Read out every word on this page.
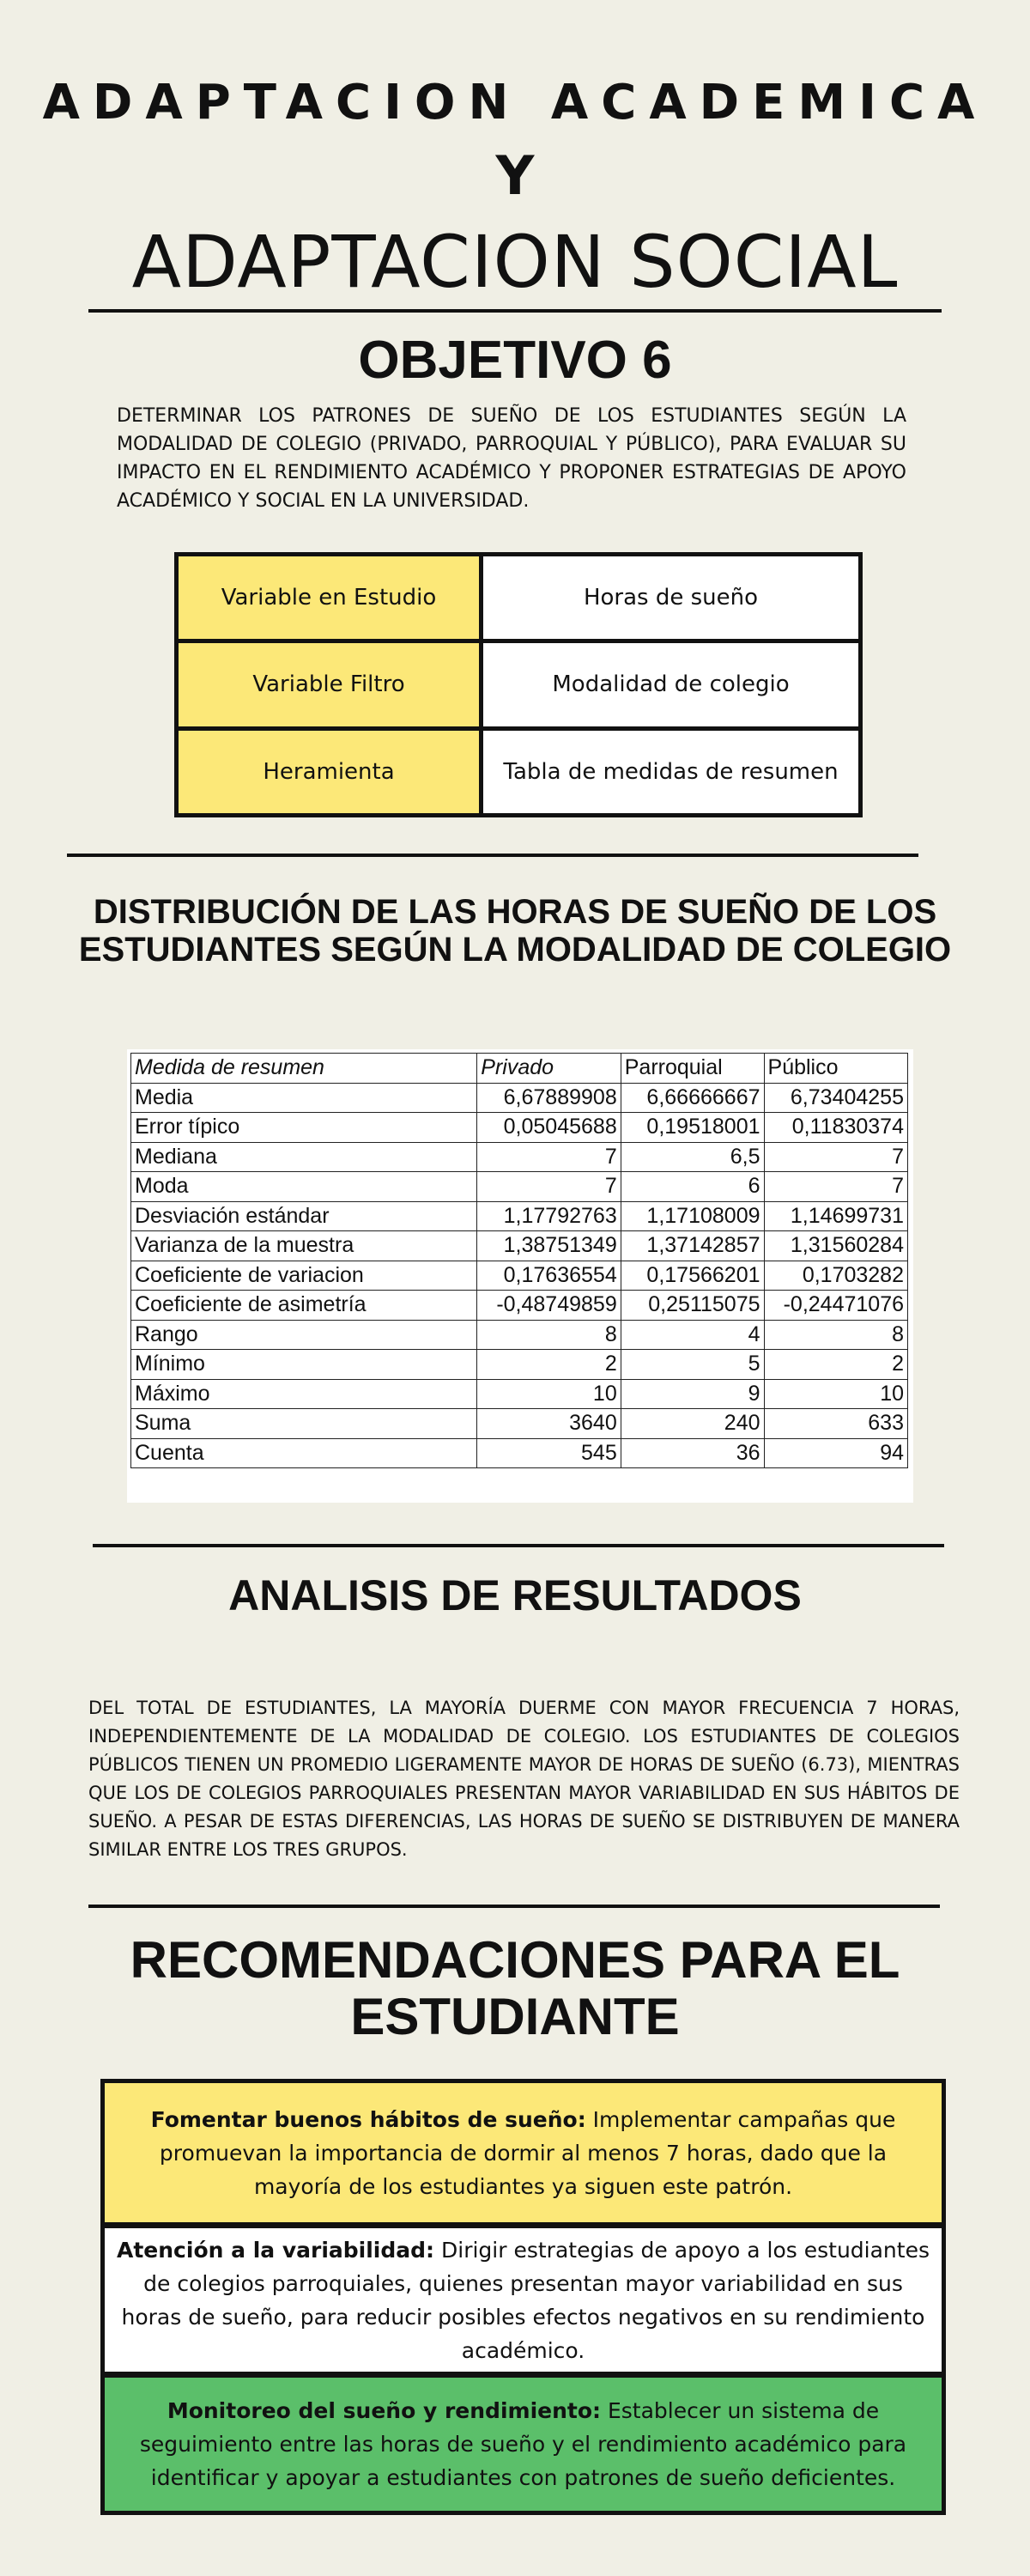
ADAPTACION ACADEMICA
Y
ADAPTACION SOCIAL
OBJETIVO 6
DETERMINAR LOS PATRONES DE SUEÑO DE LOS ESTUDIANTES SEGÚN LA MODALIDAD DE COLEGIO (PRIVADO, PARROQUIAL Y PÚBLICO), PARA EVALUAR SU IMPACTO EN EL RENDIMIENTO ACADÉMICO Y PROPONER ESTRATEGIAS DE APOYO ACADÉMICO Y SOCIAL EN LA UNIVERSIDAD.
Variable en Estudio	Horas de sueño
Variable Filtro	Modalidad de colegio
Heramienta	Tabla de medidas de resumen
DISTRIBUCIÓN DE LAS HORAS DE SUEÑO DE LOS ESTUDIANTES SEGÚN LA MODALIDAD DE COLEGIO
Medida de resumen	Privado	Parroquial	Público
Media	6,67889908	6,66666667	6,73404255
Error típico	0,05045688	0,19518001	0,11830374
Mediana	7	6,5	7
Moda	7	6	7
Desviación estándar	1,17792763	1,17108009	1,14699731
Varianza de la muestra	1,38751349	1,37142857	1,31560284
Coeficiente de variacion	0,17636554	0,17566201	0,1703282
Coeficiente de asimetría	-0,48749859	0,25115075	-0,24471076
Rango	8	4	8
Mínimo	2	5	2
Máximo	10	9	10
Suma	3640	240	633
Cuenta	545	36	94
ANALISIS DE RESULTADOS
DEL TOTAL DE ESTUDIANTES, LA MAYORÍA DUERME CON MAYOR FRECUENCIA 7 HORAS, INDEPENDIENTEMENTE DE LA MODALIDAD DE COLEGIO. LOS ESTUDIANTES DE COLEGIOS PÚBLICOS TIENEN UN PROMEDIO LIGERAMENTE MAYOR DE HORAS DE SUEÑO (6.73), MIENTRAS QUE LOS DE COLEGIOS PARROQUIALES PRESENTAN MAYOR VARIABILIDAD EN SUS HÁBITOS DE SUEÑO. A PESAR DE ESTAS DIFERENCIAS, LAS HORAS DE SUEÑO SE DISTRIBUYEN DE MANERA SIMILAR ENTRE LOS TRES GRUPOS.
RECOMENDACIONES PARA EL ESTUDIANTE
Fomentar buenos hábitos de sueño: Implementar campañas que promuevan la importancia de dormir al menos 7 horas, dado que la mayoría de los estudiantes ya siguen este patrón.
Atención a la variabilidad: Dirigir estrategias de apoyo a los estudiantes de colegios parroquiales, quienes presentan mayor variabilidad en sus horas de sueño, para reducir posibles efectos negativos en su rendimiento académico.
Monitoreo del sueño y rendimiento: Establecer un sistema de seguimiento entre las horas de sueño y el rendimiento académico para identificar y apoyar a estudiantes con patrones de sueño deficientes.
